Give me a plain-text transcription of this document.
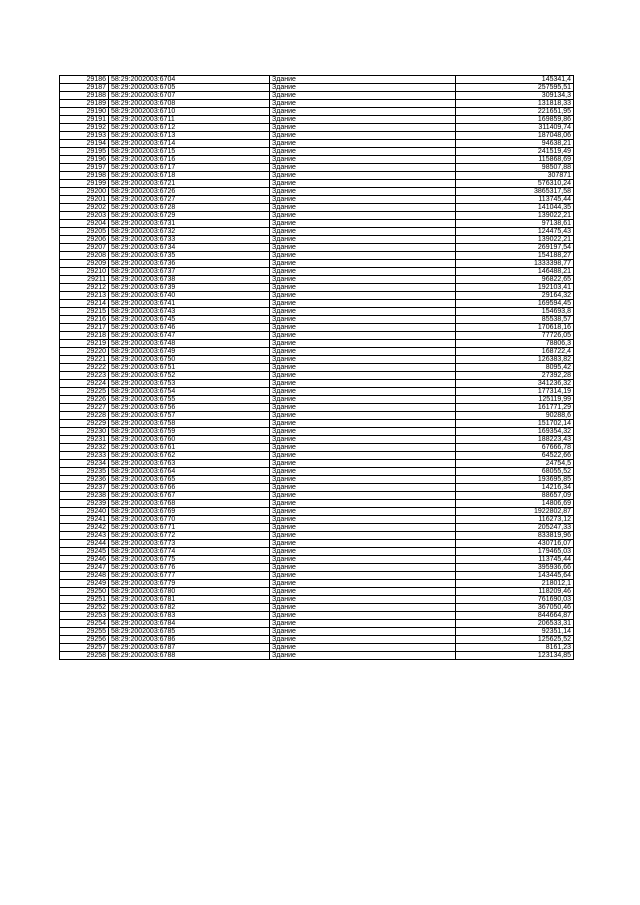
29186	58:29:2002003:6704	Здание	145341,4
29187	58:29:2002003:6705	Здание	257595,51
29188	58:29:2002003:6707	Здание	309134,3
29189	58:29:2002003:6708	Здание	131818,33
29190	58:29:2002003:6710	Здание	221651,95
29191	58:29:2002003:6711	Здание	169859,86
29192	58:29:2002003:6712	Здание	311409,74
29193	58:29:2002003:6713	Здание	187048,06
29194	58:29:2002003:6714	Здание	94638,21
29195	58:29:2002003:6715	Здание	241519,49
29196	58:29:2002003:6716	Здание	115868,69
29197	58:29:2002003:6717	Здание	98507,88
29198	58:29:2002003:6718	Здание	307871
29199	58:29:2002003:6721	Здание	576310,24
29200	58:29:2002003:6726	Здание	3865317,58
29201	58:29:2002003:6727	Здание	113745,44
29202	58:29:2002003:6728	Здание	141044,35
29203	58:29:2002003:6729	Здание	139022,21
29204	58:29:2002003:6731	Здание	97138,61
29205	58:29:2002003:6732	Здание	124475,43
29206	58:29:2002003:6733	Здание	139022,21
29207	58:29:2002003:6734	Здание	269197,54
29208	58:29:2002003:6735	Здание	154188,27
29209	58:29:2002003:6736	Здание	1333398,77
29210	58:29:2002003:6737	Здание	146488,21
29211	58:29:2002003:6738	Здание	96822,65
29212	58:29:2002003:6739	Здание	192103,41
29213	58:29:2002003:6740	Здание	29164,32
29214	58:29:2002003:6741	Здание	169594,45
29215	58:29:2002003:6743	Здание	154693,8
29216	58:29:2002003:6745	Здание	85538,57
29217	58:29:2002003:6746	Здание	170618,16
29218	58:29:2002003:6747	Здание	77726,05
29219	58:29:2002003:6748	Здание	78806,3
29220	58:29:2002003:6749	Здание	168722,4
29221	58:29:2002003:6750	Здание	126383,82
29222	58:29:2002003:6751	Здание	8095,42
29223	58:29:2002003:6752	Здание	27392,28
29224	58:29:2002003:6753	Здание	341236,32
29225	58:29:2002003:6754	Здание	177314,19
29226	58:29:2002003:6755	Здание	125119,99
29227	58:29:2002003:6756	Здание	161771,29
29228	58:29:2002003:6757	Здание	90288,6
29229	58:29:2002003:6758	Здание	151702,14
29230	58:29:2002003:6759	Здание	169354,32
29231	58:29:2002003:6760	Здание	188223,43
29232	58:29:2002003:6761	Здание	67666,78
29233	58:29:2002003:6762	Здание	64522,66
29234	58:29:2002003:6763	Здание	24754,5
29235	58:29:2002003:6764	Здание	68055,52
29236	58:29:2002003:6765	Здание	193695,85
29237	58:29:2002003:6766	Здание	14216,34
29238	58:29:2002003:6767	Здание	88657,09
29239	58:29:2002003:6768	Здание	14806,69
29240	58:29:2002003:6769	Здание	1922802,87
29241	58:29:2002003:6770	Здание	116273,12
29242	58:29:2002003:6771	Здание	205247,33
29243	58:29:2002003:6772	Здание	833819,96
29244	58:29:2002003:6773	Здание	430716,07
29245	58:29:2002003:6774	Здание	179465,03
29246	58:29:2002003:6775	Здание	113745,44
29247	58:29:2002003:6776	Здание	395936,66
29248	58:29:2002003:6777	Здание	143445,64
29249	58:29:2002003:6779	Здание	218012,1
29250	58:29:2002003:6780	Здание	118209,46
29251	58:29:2002003:6781	Здание	761690,03
29252	58:29:2002003:6782	Здание	367050,46
29253	58:29:2002003:6783	Здание	844664,87
29254	58:29:2002003:6784	Здание	206533,31
29255	58:29:2002003:6785	Здание	92351,14
29256	58:29:2002003:6786	Здание	125625,52
29257	58:29:2002003:6787	Здание	8161,23
29258	58:29:2002003:6788	Здание	123134,85
